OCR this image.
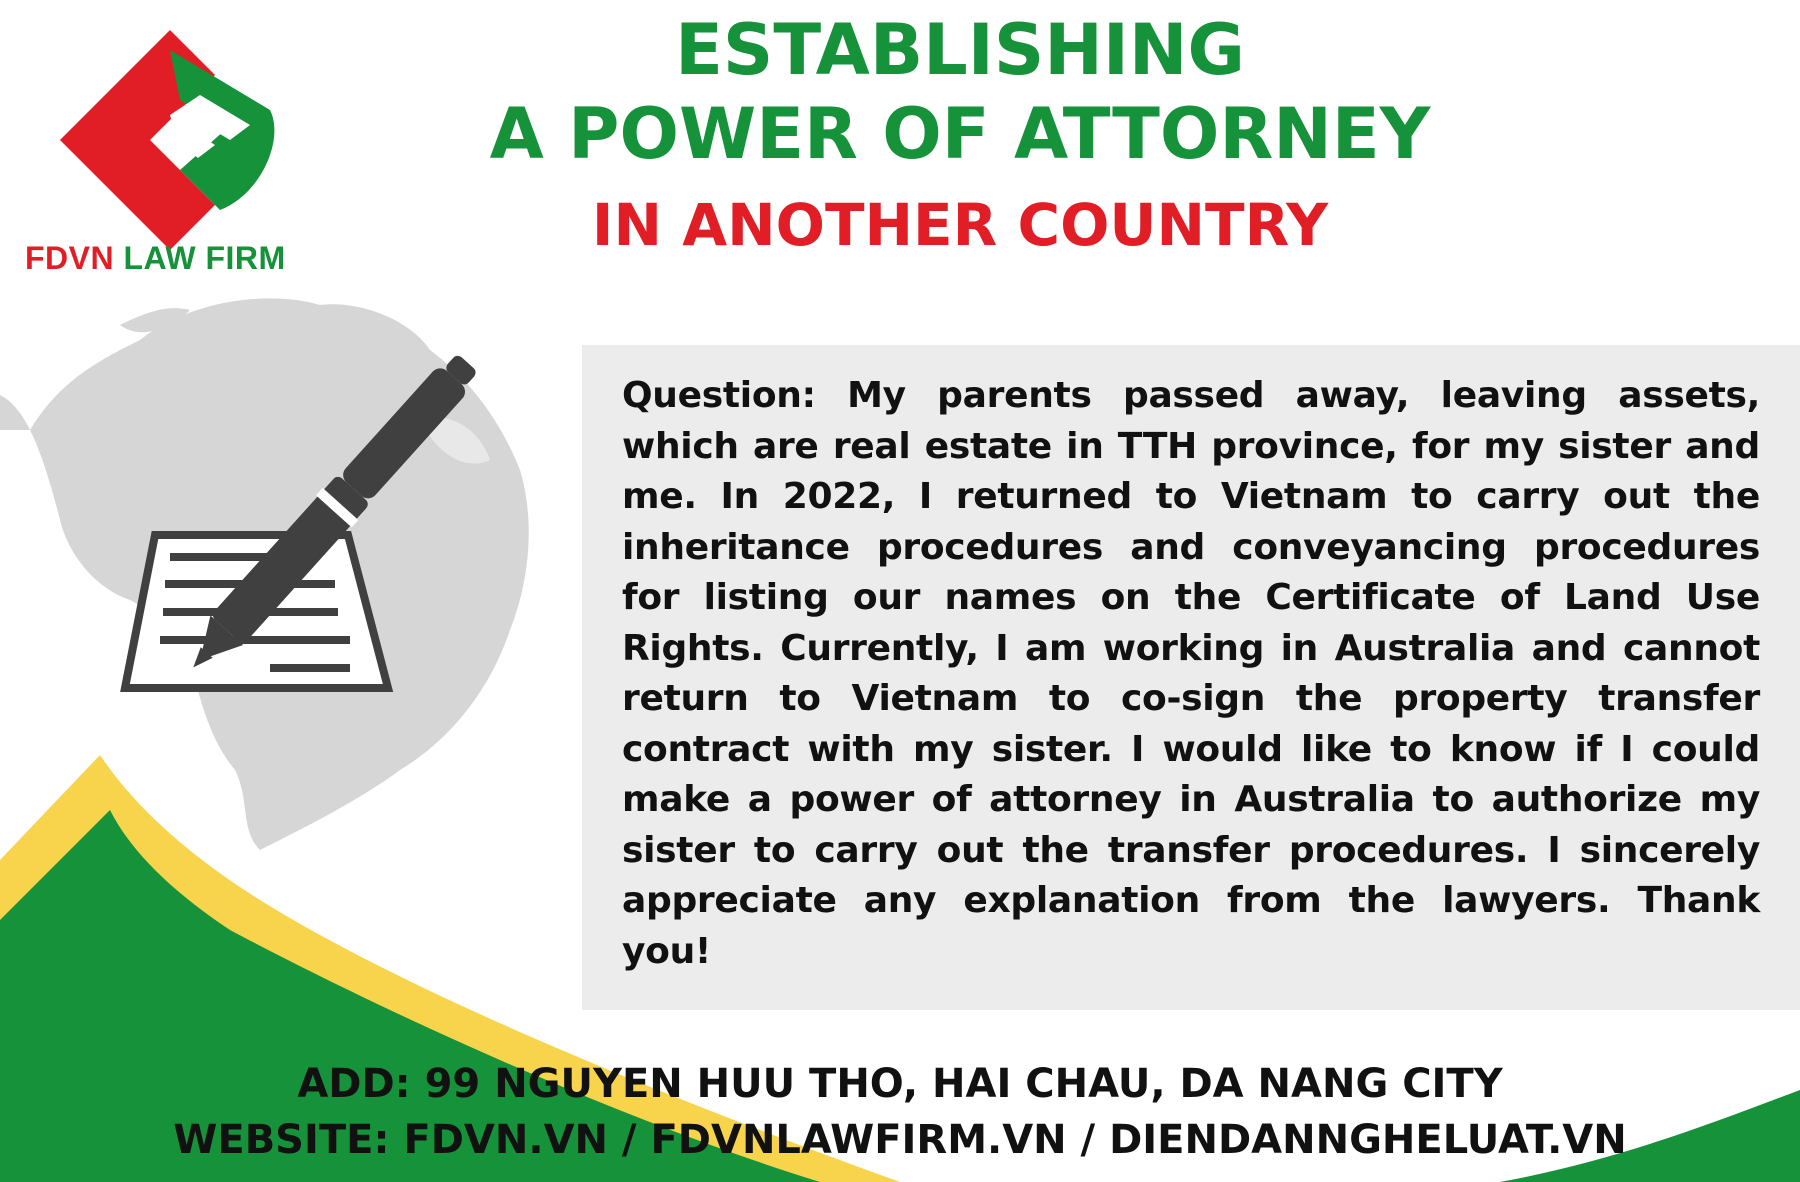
FDVN LAW FIRM
ESTABLISHING
A POWER OF ATTORNEY
IN ANOTHER COUNTRY

Question: My parents passed away, leaving assets, which are real estate in TTH province, for my sister and me. In 2022, I returned to Vietnam to carry out the inheritance procedures and conveyancing procedures for listing our names on the Certificate of Land Use Rights. Currently, I am working in Australia and cannot return to Vietnam to co-sign the property transfer contract with my sister. I would like to know if I could make a power of attorney in Australia to authorize my sister to carry out the transfer procedures. I sincerely appreciate any explanation from the lawyers. Thank you!

ADD: 99 NGUYEN HUU THO, HAI CHAU, DA NANG CITY
WEBSITE: FDVN.VN / FDVNLAWFIRM.VN / DIENDANNGHELUAT.VN
